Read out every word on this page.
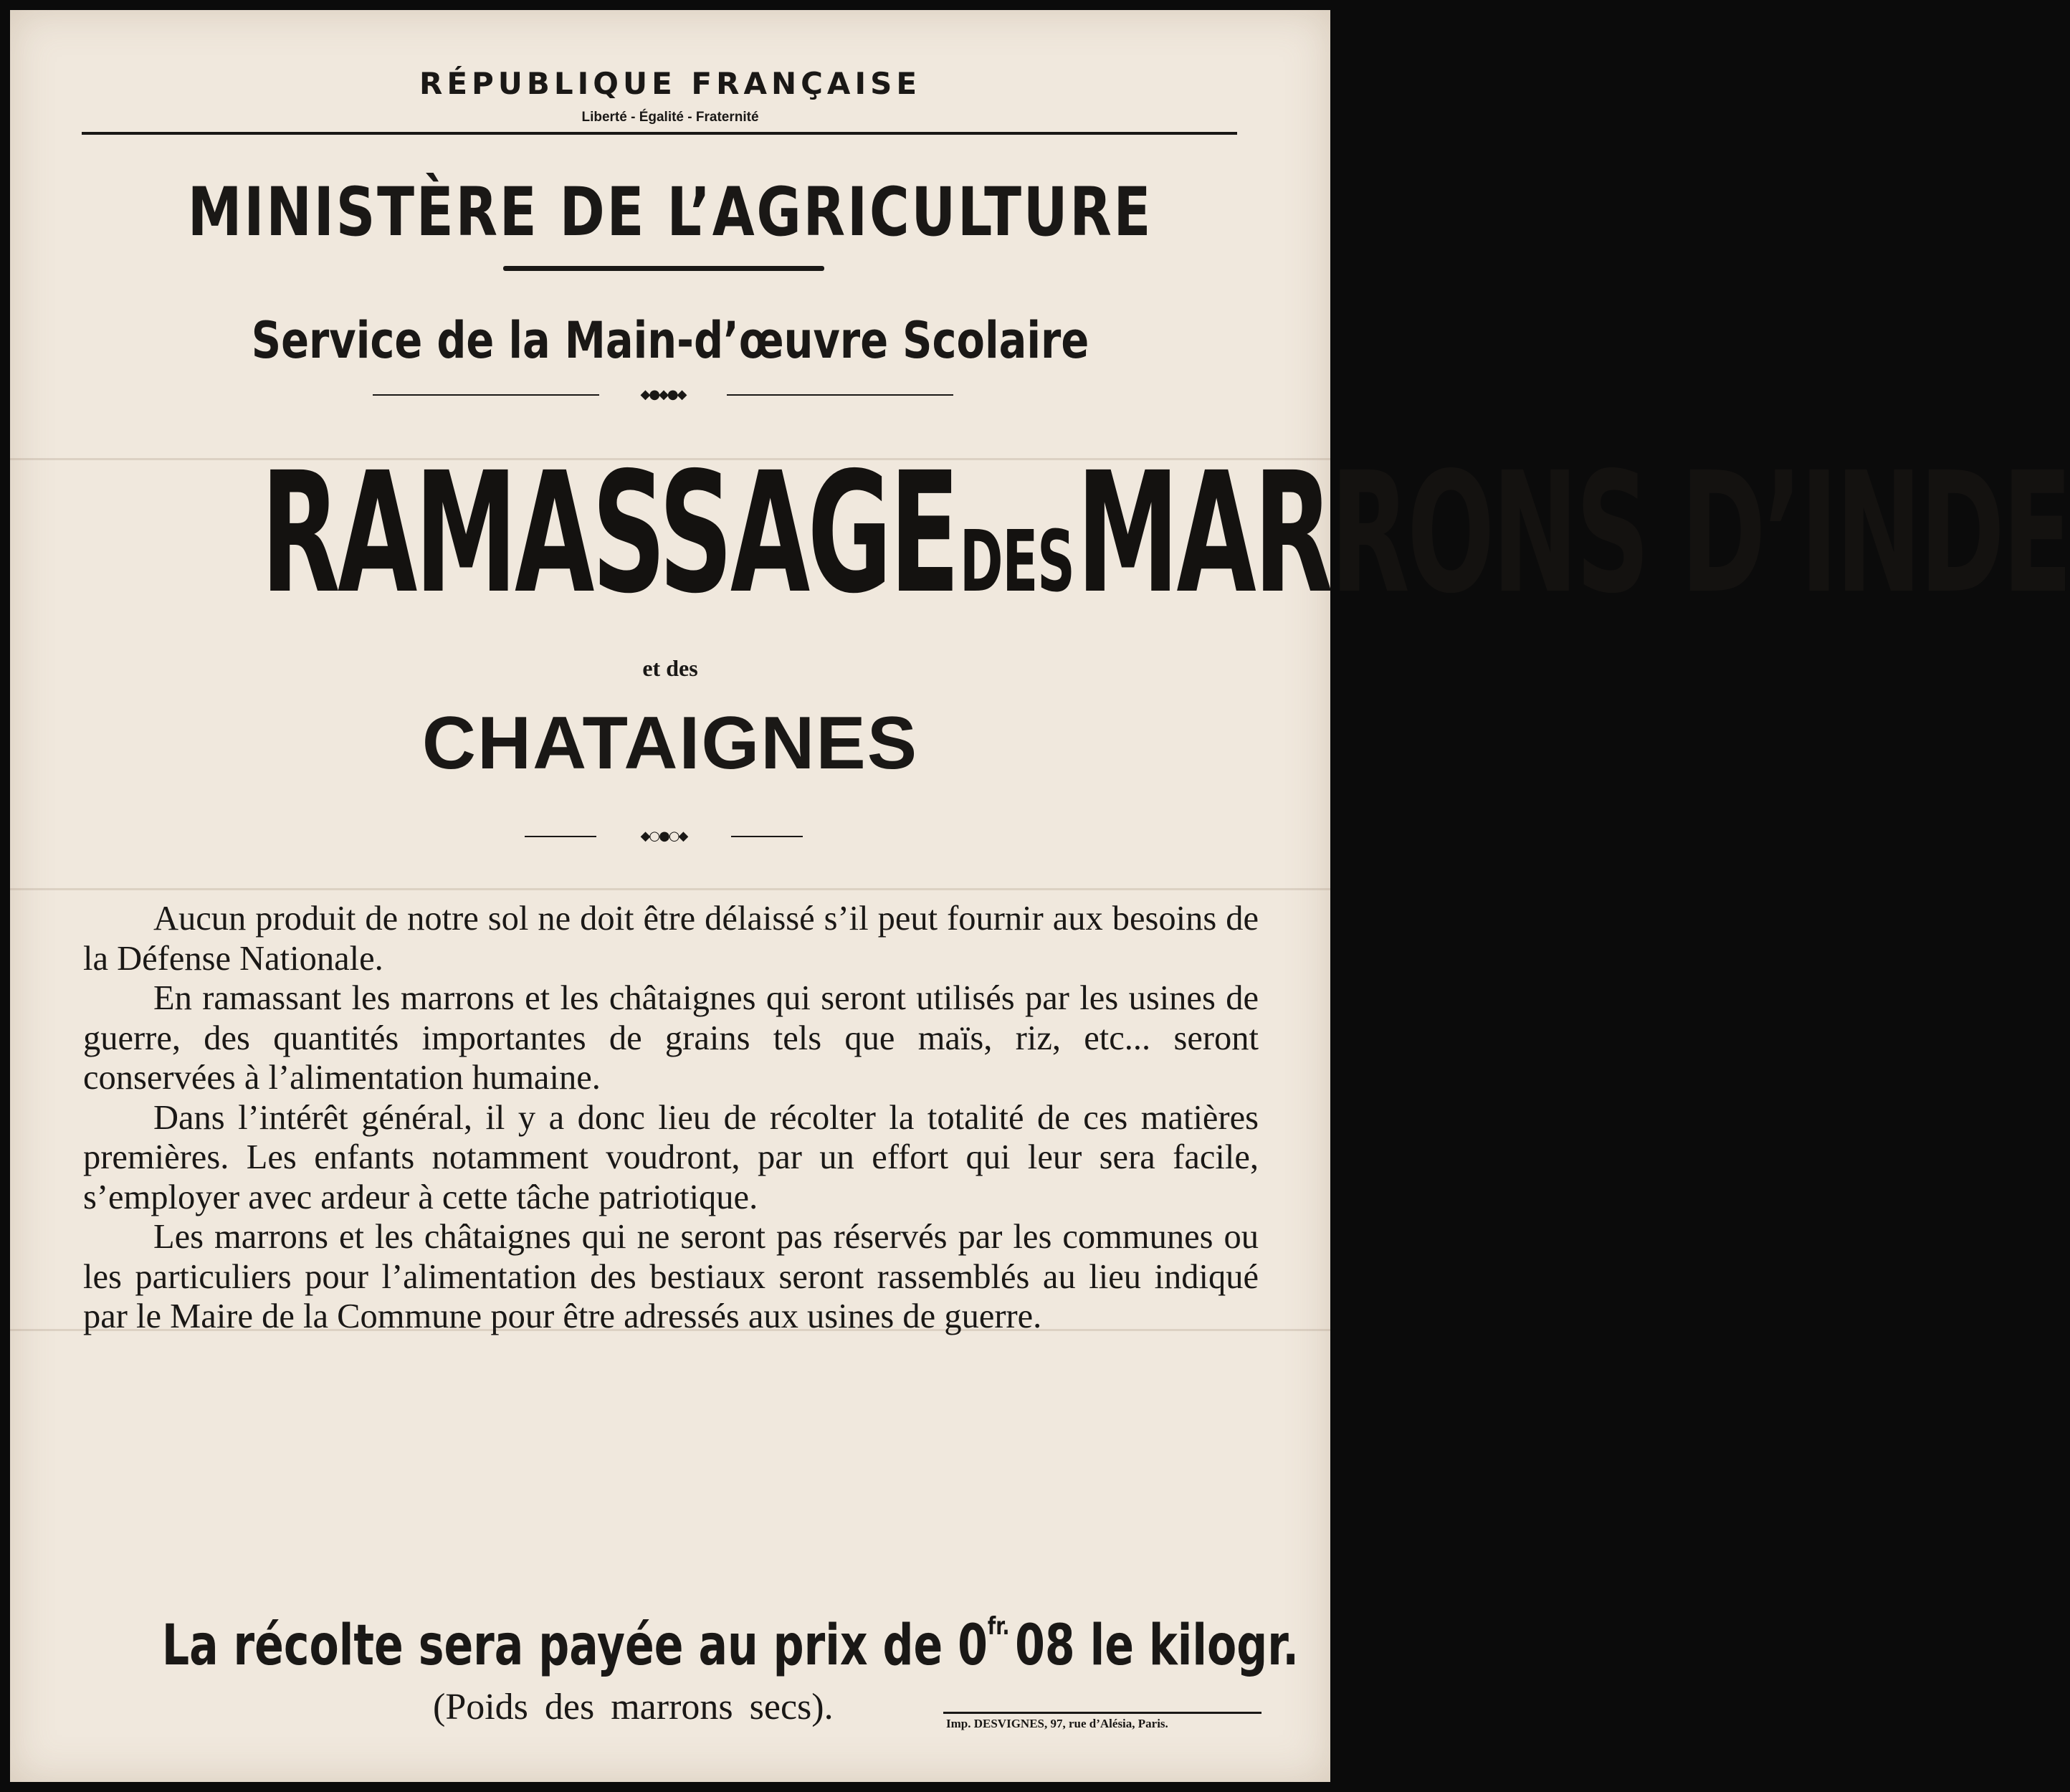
RÉPUBLIQUE FRANÇAISE
Liberté - Égalité - Fraternité
MINISTÈRE DE L’AGRICULTURE
Service de la Main-d’œuvre Scolaire
◆●◆●◆
RAMASSAGE DES MARRONS D’INDE
et des
CHATAIGNES
◆○●○◆

Aucun produit de notre sol ne doit être délaissé s’il peut fournir aux besoins de la Défense Nationale.

En ramassant les marrons et les châtaignes qui seront utilisés par les usines de guerre, des quantités importantes de grains tels que maïs, riz, etc... seront conservées à l’alimentation humaine.

Dans l’intérêt général, il y a donc lieu de récolter la totalité de ces matières premières. Les enfants notamment voudront, par un effort qui leur sera facile, s’employer avec ardeur à cette tâche patriotique.

Les marrons et les châtaignes qui ne seront pas réservés par les communes ou les particuliers pour l’alimentation des bestiaux seront rassemblés au lieu indiqué par le Maire de la Commune pour être adressés aux usines de guerre.

La récolte sera payée au prix de $0^{fr.}08$ le kilogr.
(Poids des marrons secs).	Imp. DESVIGNES, 97, rue d’Alésia, Paris.
